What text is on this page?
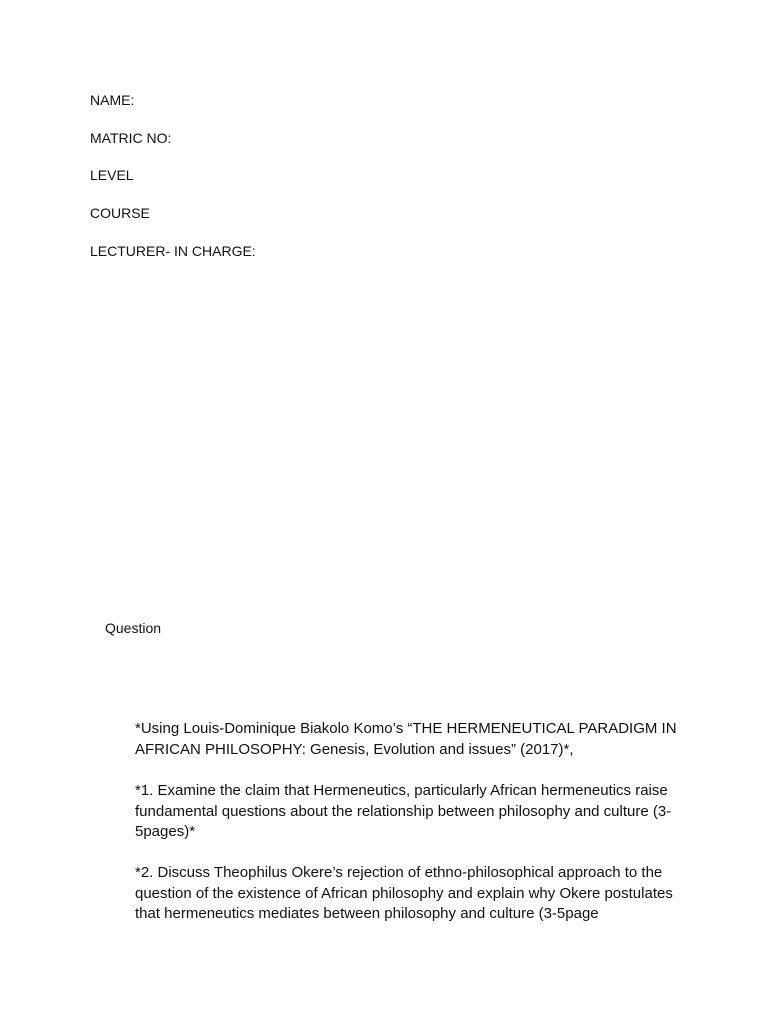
NAME:
MATRIC NO:
LEVEL
COURSE
LECTURER- IN CHARGE:
Question
*Using Louis-Dominique Biakolo Komo’s “THE HERMENEUTICAL PARADIGM IN AFRICAN PHILOSOPHY: Genesis, Evolution and issues” (2017)*,
*1. Examine the claim that Hermeneutics, particularly African hermeneutics raise fundamental questions about the relationship between philosophy and culture (3-5pages)*
*2. Discuss Theophilus Okere’s rejection of ethno-philosophical approach to the question of the existence of African philosophy and explain why Okere postulates that hermeneutics mediates between philosophy and culture (3-5page
